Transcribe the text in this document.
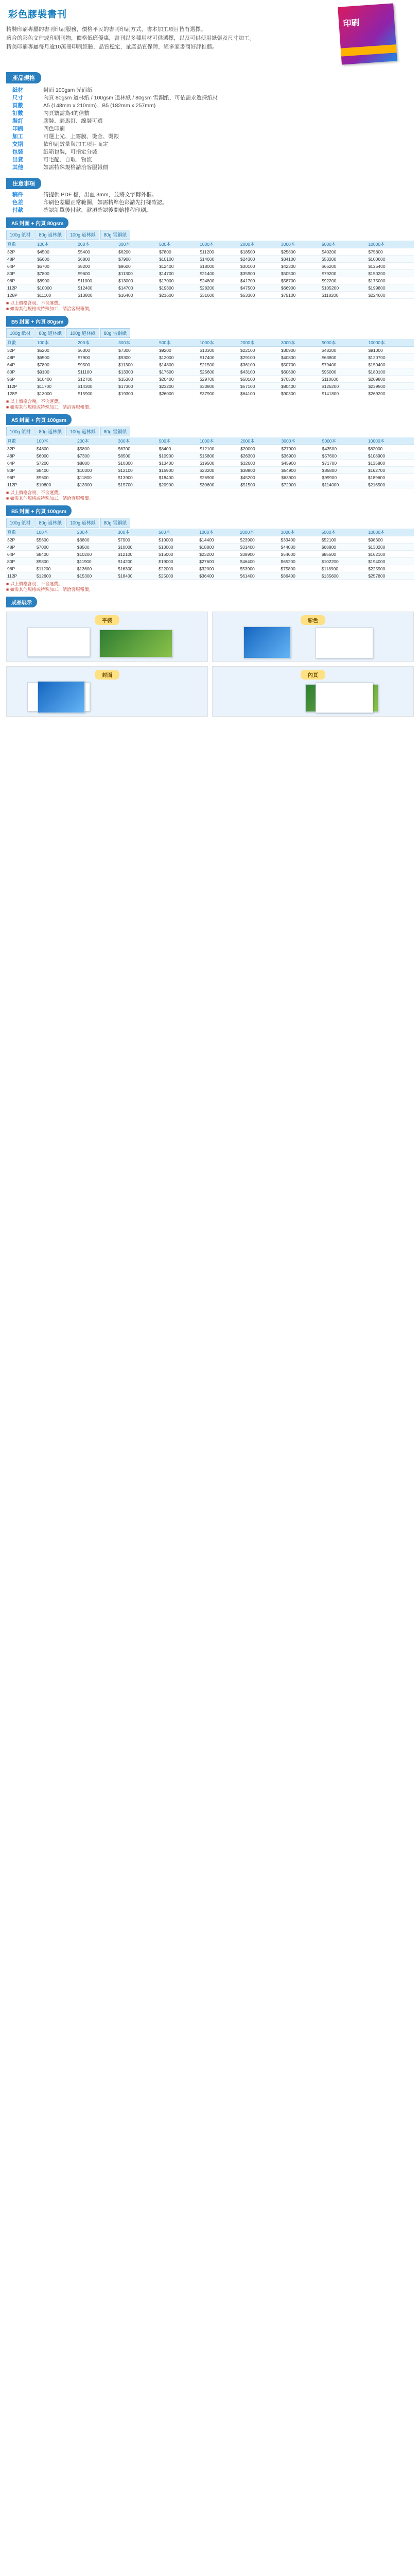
彩色膠裝書刊

精裝印刷專屬的書刊印刷服務，價格平民的書刊印刷方式，書本加工項目皆有選擇。

適合的彩色文件或印刷刊物，價格低廉優惠，書刊以多種用材可供選擇，以及可供使用紙張及尺寸加工。

精美印刷專屬每月逾10萬冊印刷經驗，品質穩定，量產品質保障，經多家書商好評推薦。

印刷
產品規格
紙材	封面 100gsm 光面紙
尺寸	內頁 80gsm 道林紙 / 100gsm 道林紙 / 80gsm 雪銅紙，可依需求選擇紙材
頁數	A5 (148mm x 210mm)、B5 (182mm x 257mm)
訂數	內頁數需為4的倍數
裝訂	膠裝、騎馬釘、線裝可選
印刷	四色印刷
加工	可選上光、上霧膜、燙金、燙銀
交期	依印刷數量與加工項目而定
包裝	紙箱包裝，可指定分裝
出貨	可宅配、自取、物流
其他	如需特殊規格請洽客服報價
注意事項
稿件	請提供 PDF 檔，出血 3mm，並將文字轉外框。
色差	印刷色差屬正常範圍，如需精準色彩請先打樣確認。
付款	確認訂單後付款，款項確認後開始排程印刷。
A5 封面 + 內頁 80gsm
100g 紙材	80g 道林紙	100g 道林紙	80g 雪銅紙
頁數	100本	200本	300本	500本	1000本	2000本	3000本	5000本	10000本
32P	$4500	$5400	$6200	$7800	$11200	$18500	$25800	$40200	$75800
48P	$5600	$6800	$7900	$10100	$14600	$24300	$34100	$53200	$100600
64P	$6700	$8200	$9600	$12400	$18000	$30100	$42300	$66200	$125400
80P	$7800	$9600	$11300	$14700	$21400	$35900	$50500	$79200	$150200
96P	$8900	$11000	$13000	$17000	$24800	$41700	$58700	$92200	$175000
112P	$10000	$12400	$14700	$19300	$28200	$47500	$66900	$105200	$199800
128P	$11100	$13800	$16400	$21600	$31600	$53300	$75100	$118200	$224600
■ 以上價格含稅，不含運費。
■ 如需其他規格或特殊加工，請洽客服報價。
B5 封面 + 內頁 80gsm
100g 紙材	80g 道林紙	100g 道林紙	80g 雪銅紙
頁數	100本	200本	300本	500本	1000本	2000本	3000本	5000本	10000本
32P	$5200	$6300	$7300	$9200	$13300	$22100	$30900	$48200	$91000
48P	$6500	$7900	$9300	$12000	$17400	$29100	$40800	$63800	$120700
64P	$7800	$9500	$11300	$14800	$21500	$36100	$50700	$79400	$150400
80P	$9100	$11100	$13300	$17600	$25600	$43100	$60600	$95000	$180100
96P	$10400	$12700	$15300	$20400	$29700	$50100	$70500	$110600	$209800
112P	$11700	$14300	$17300	$23200	$33800	$57100	$80400	$126200	$239500
128P	$13000	$15900	$19300	$26000	$37900	$64100	$90300	$141800	$269200
■ 以上價格含稅，不含運費。
■ 如需其他規格或特殊加工，請洽客服報價。
A5 封面 + 內頁 100gsm
100g 紙材	80g 道林紙	100g 道林紙	80g 雪銅紙
頁數	100本	200本	300本	500本	1000本	2000本	3000本	5000本	10000本
32P	$4800	$5800	$6700	$8400	$12100	$20000	$27900	$43500	$82000
48P	$6000	$7300	$8500	$10900	$15800	$26300	$36900	$57600	$108900
64P	$7200	$8800	$10300	$13400	$19500	$32600	$45900	$71700	$135800
80P	$8400	$10300	$12100	$15900	$23200	$38900	$54900	$85800	$162700
96P	$9600	$11800	$13900	$18400	$26900	$45200	$63900	$99900	$189600
112P	$10800	$13300	$15700	$20900	$30600	$51500	$72900	$114000	$216500
■ 以上價格含稅，不含運費。
■ 如需其他規格或特殊加工，請洽客服報價。
B5 封面 + 內頁 100gsm
100g 紙材	80g 道林紙	100g 道林紙	80g 雪銅紙
頁數	100本	200本	300本	500本	1000本	2000本	3000本	5000本	10000本
32P	$5600	$6800	$7900	$10000	$14400	$23900	$33400	$52100	$98300
48P	$7000	$8500	$10000	$13000	$18800	$31400	$44000	$68800	$130200
64P	$8400	$10200	$12100	$16000	$23200	$38900	$54600	$85500	$162100
80P	$9800	$11900	$14200	$19000	$27600	$46400	$65200	$102200	$194000
96P	$11200	$13600	$16300	$22000	$32000	$53900	$75800	$118900	$225900
112P	$12600	$15300	$18400	$25000	$36400	$61400	$86400	$135600	$257800
■ 以上價格含稅，不含運費。
■ 如需其他規格或特殊加工，請洽客服報價。
成品展示
平裝	彩色
封面	內頁
